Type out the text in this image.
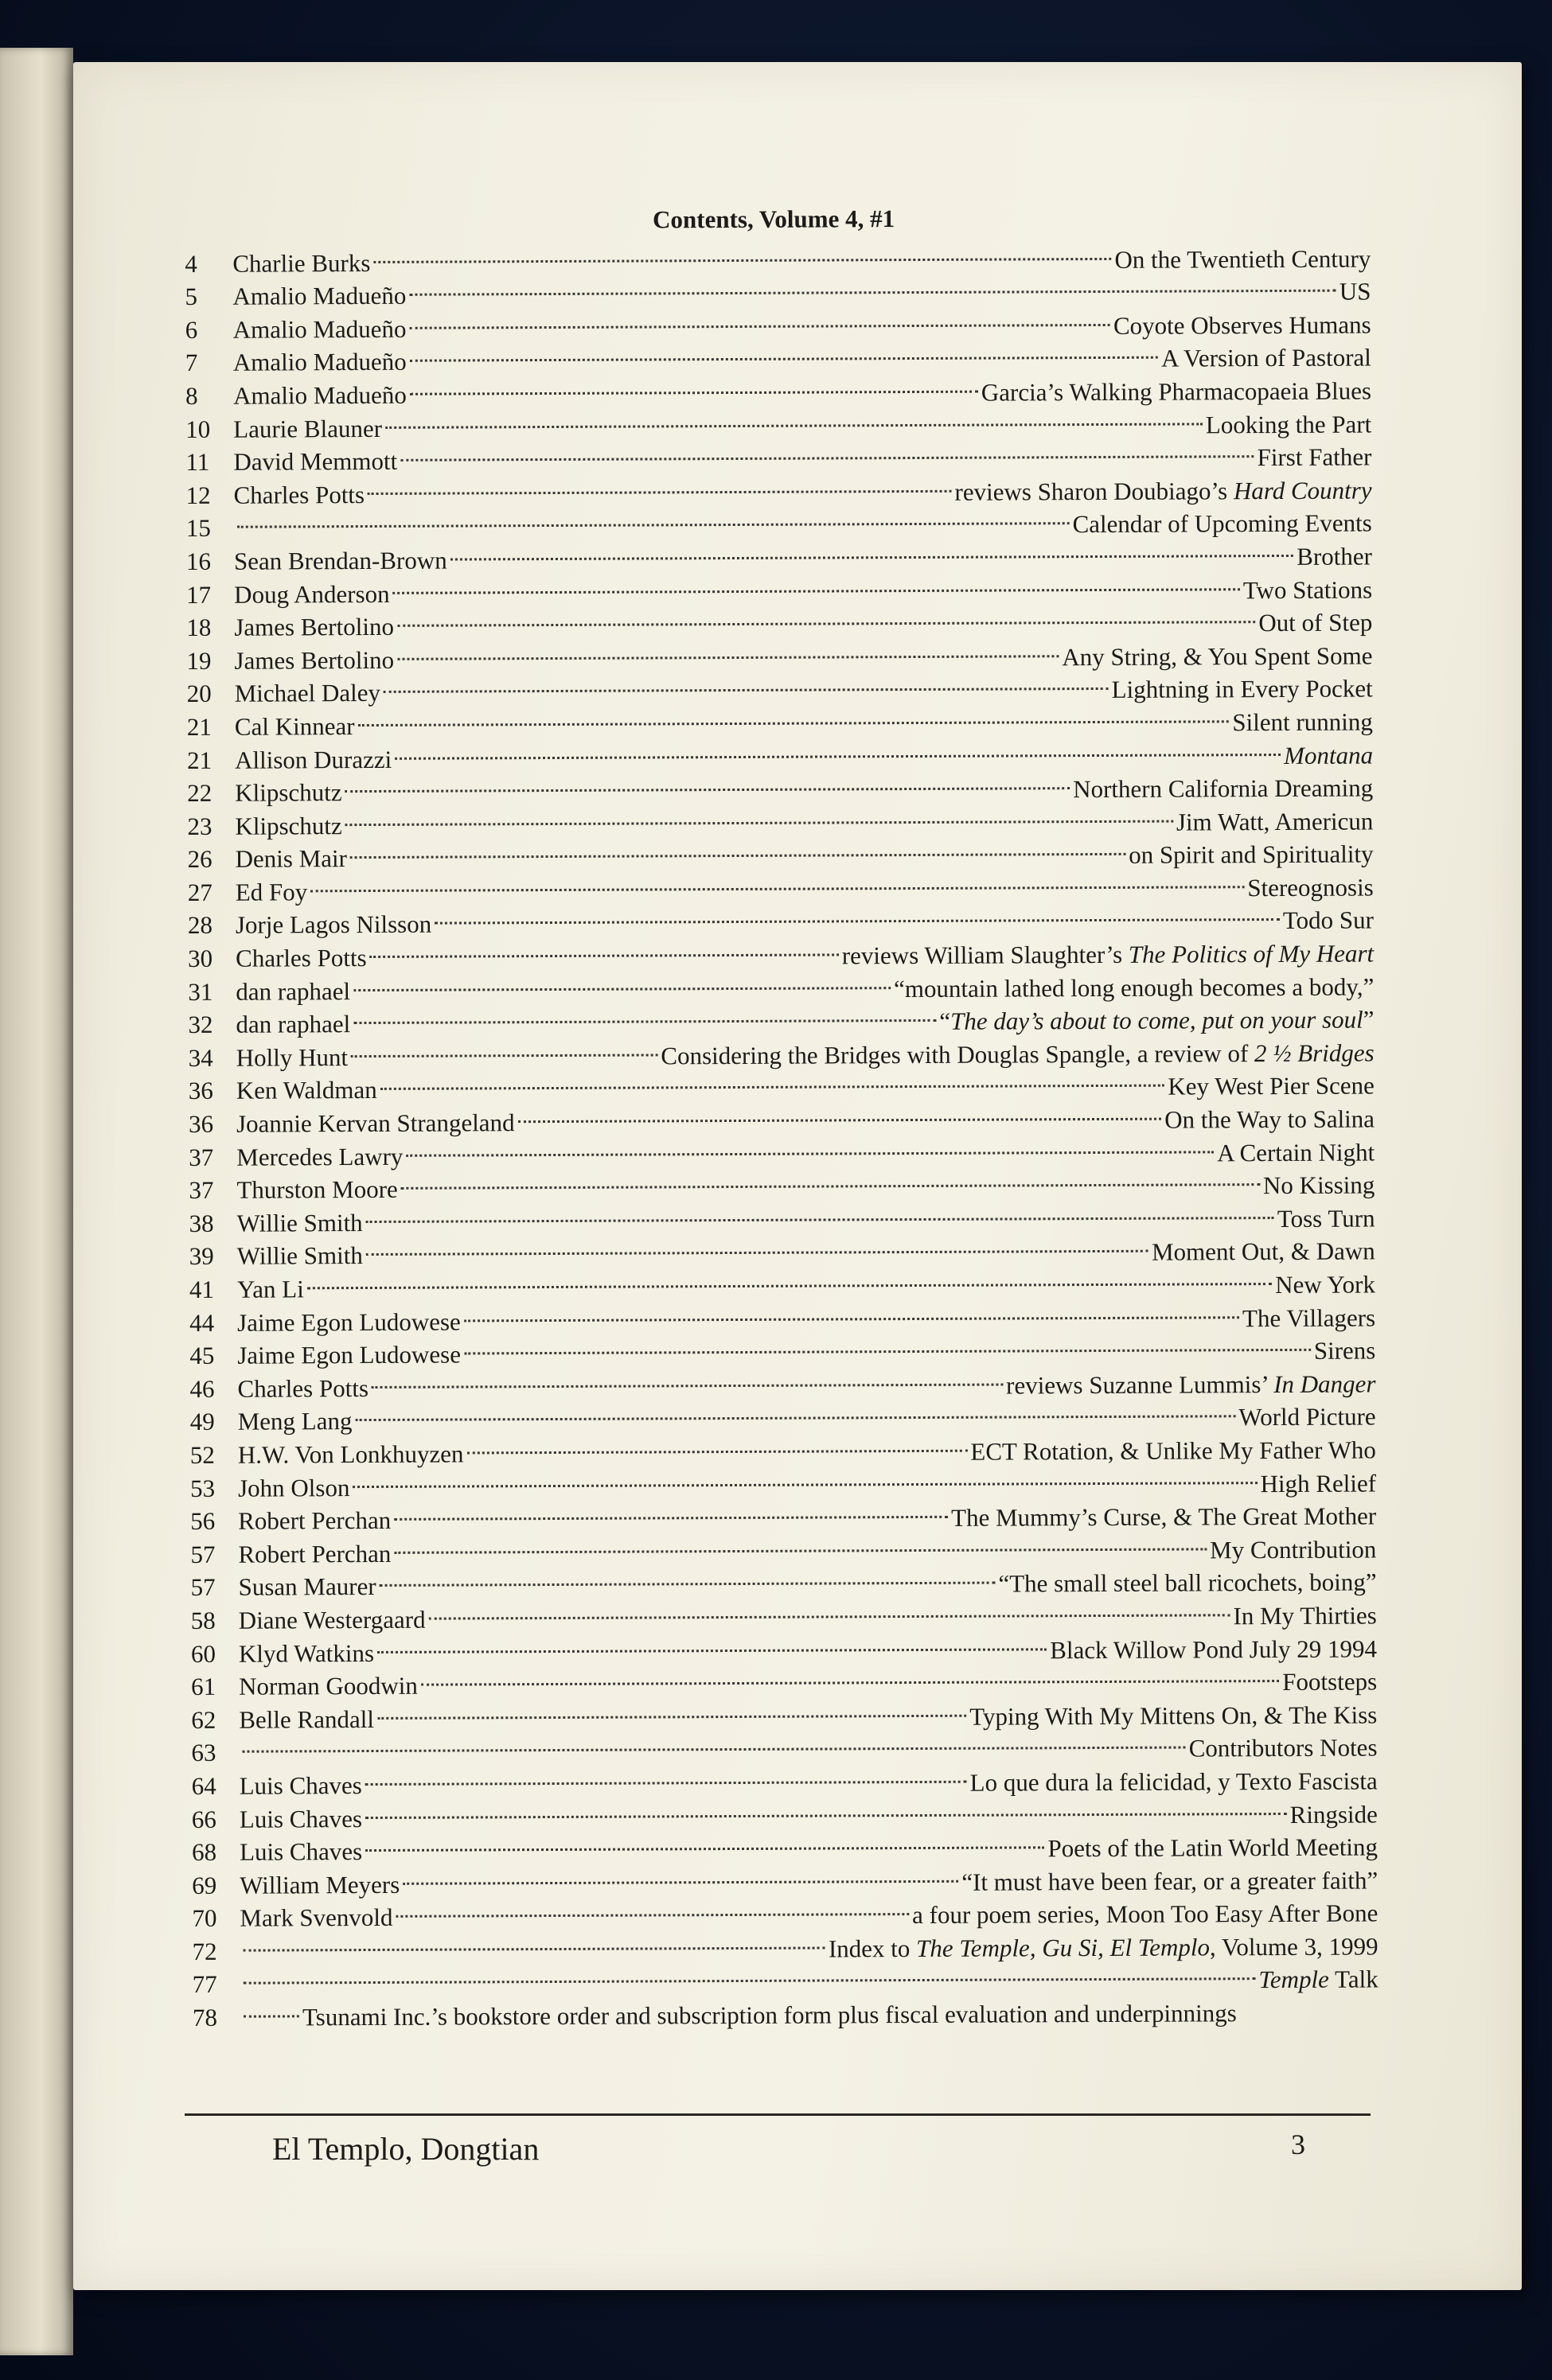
Contents, Volume 4, #1
4	Charlie Burks	On the Twentieth Century
5	Amalio Madueño	US
6	Amalio Madueño	Coyote Observes Humans
7	Amalio Madueño	A Version of Pastoral
8	Amalio Madueño	Garcia’s Walking Pharmacopaeia Blues
10 Laurie Blauner	Looking the Part
11 David Memmott	First Father
12 Charles Potts	reviews Sharon Doubiago’s Hard Country
15	Calendar of Upcoming Events
16 Sean Brendan-Brown	Brother
17 Doug Anderson	Two Stations
18 James Bertolino	Out of Step
19 James Bertolino	Any String, & You Spent Some
20 Michael Daley	Lightning in Every Pocket
21 Cal Kinnear	Silent running
21 Allison Durazzi	Montana
22 Klipschutz	Northern California Dreaming
23 Klipschutz	Jim Watt, Americun
26 Denis Mair	on Spirit and Spirituality
27 Ed Foy	Stereognosis
28 Jorje Lagos Nilsson	Todo Sur
30 Charles Potts	reviews William Slaughter’s The Politics of My Heart
31 dan raphael	“mountain lathed long enough becomes a body,”
32 dan raphael	“The day’s about to come, put on your soul”
34 Holly Hunt	Considering the Bridges with Douglas Spangle, a review of 2 ½ Bridges
36 Ken Waldman	Key West Pier Scene
36 Joannie Kervan Strangeland	On the Way to Salina
37 Mercedes Lawry	A Certain Night
37 Thurston Moore	No Kissing
38 Willie Smith	Toss Turn
39 Willie Smith	Moment Out, & Dawn
41 Yan Li	New York
44 Jaime Egon Ludowese	The Villagers
45 Jaime Egon Ludowese	Sirens
46 Charles Potts	reviews Suzanne Lummis’ In Danger
49 Meng Lang	World Picture
52 H.W. Von Lonkhuyzen	ECT Rotation, & Unlike My Father Who
53 John Olson	High Relief
56 Robert Perchan	The Mummy’s Curse, & The Great Mother
57 Robert Perchan	My Contribution
57 Susan Maurer	“The small steel ball ricochets, boing”
58 Diane Westergaard	In My Thirties
60 Klyd Watkins	Black Willow Pond July 29 1994
61 Norman Goodwin	Footsteps
62 Belle Randall	Typing With My Mittens On, & The Kiss
63	Contributors Notes
64 Luis Chaves	Lo que dura la felicidad, y Texto Fascista
66 Luis Chaves	Ringside
68 Luis Chaves	Poets of the Latin World Meeting
69 William Meyers	“It must have been fear, or a greater faith”
70 Mark Svenvold	a four poem series, Moon Too Easy After Bone
72	Index to The Temple, Gu Si, El Templo, Volume 3, 1999
77	Temple Talk
78	Tsunami Inc.’s bookstore order and subscription form plus fiscal evaluation and underpinnings
El Templo, Dongtian	3
